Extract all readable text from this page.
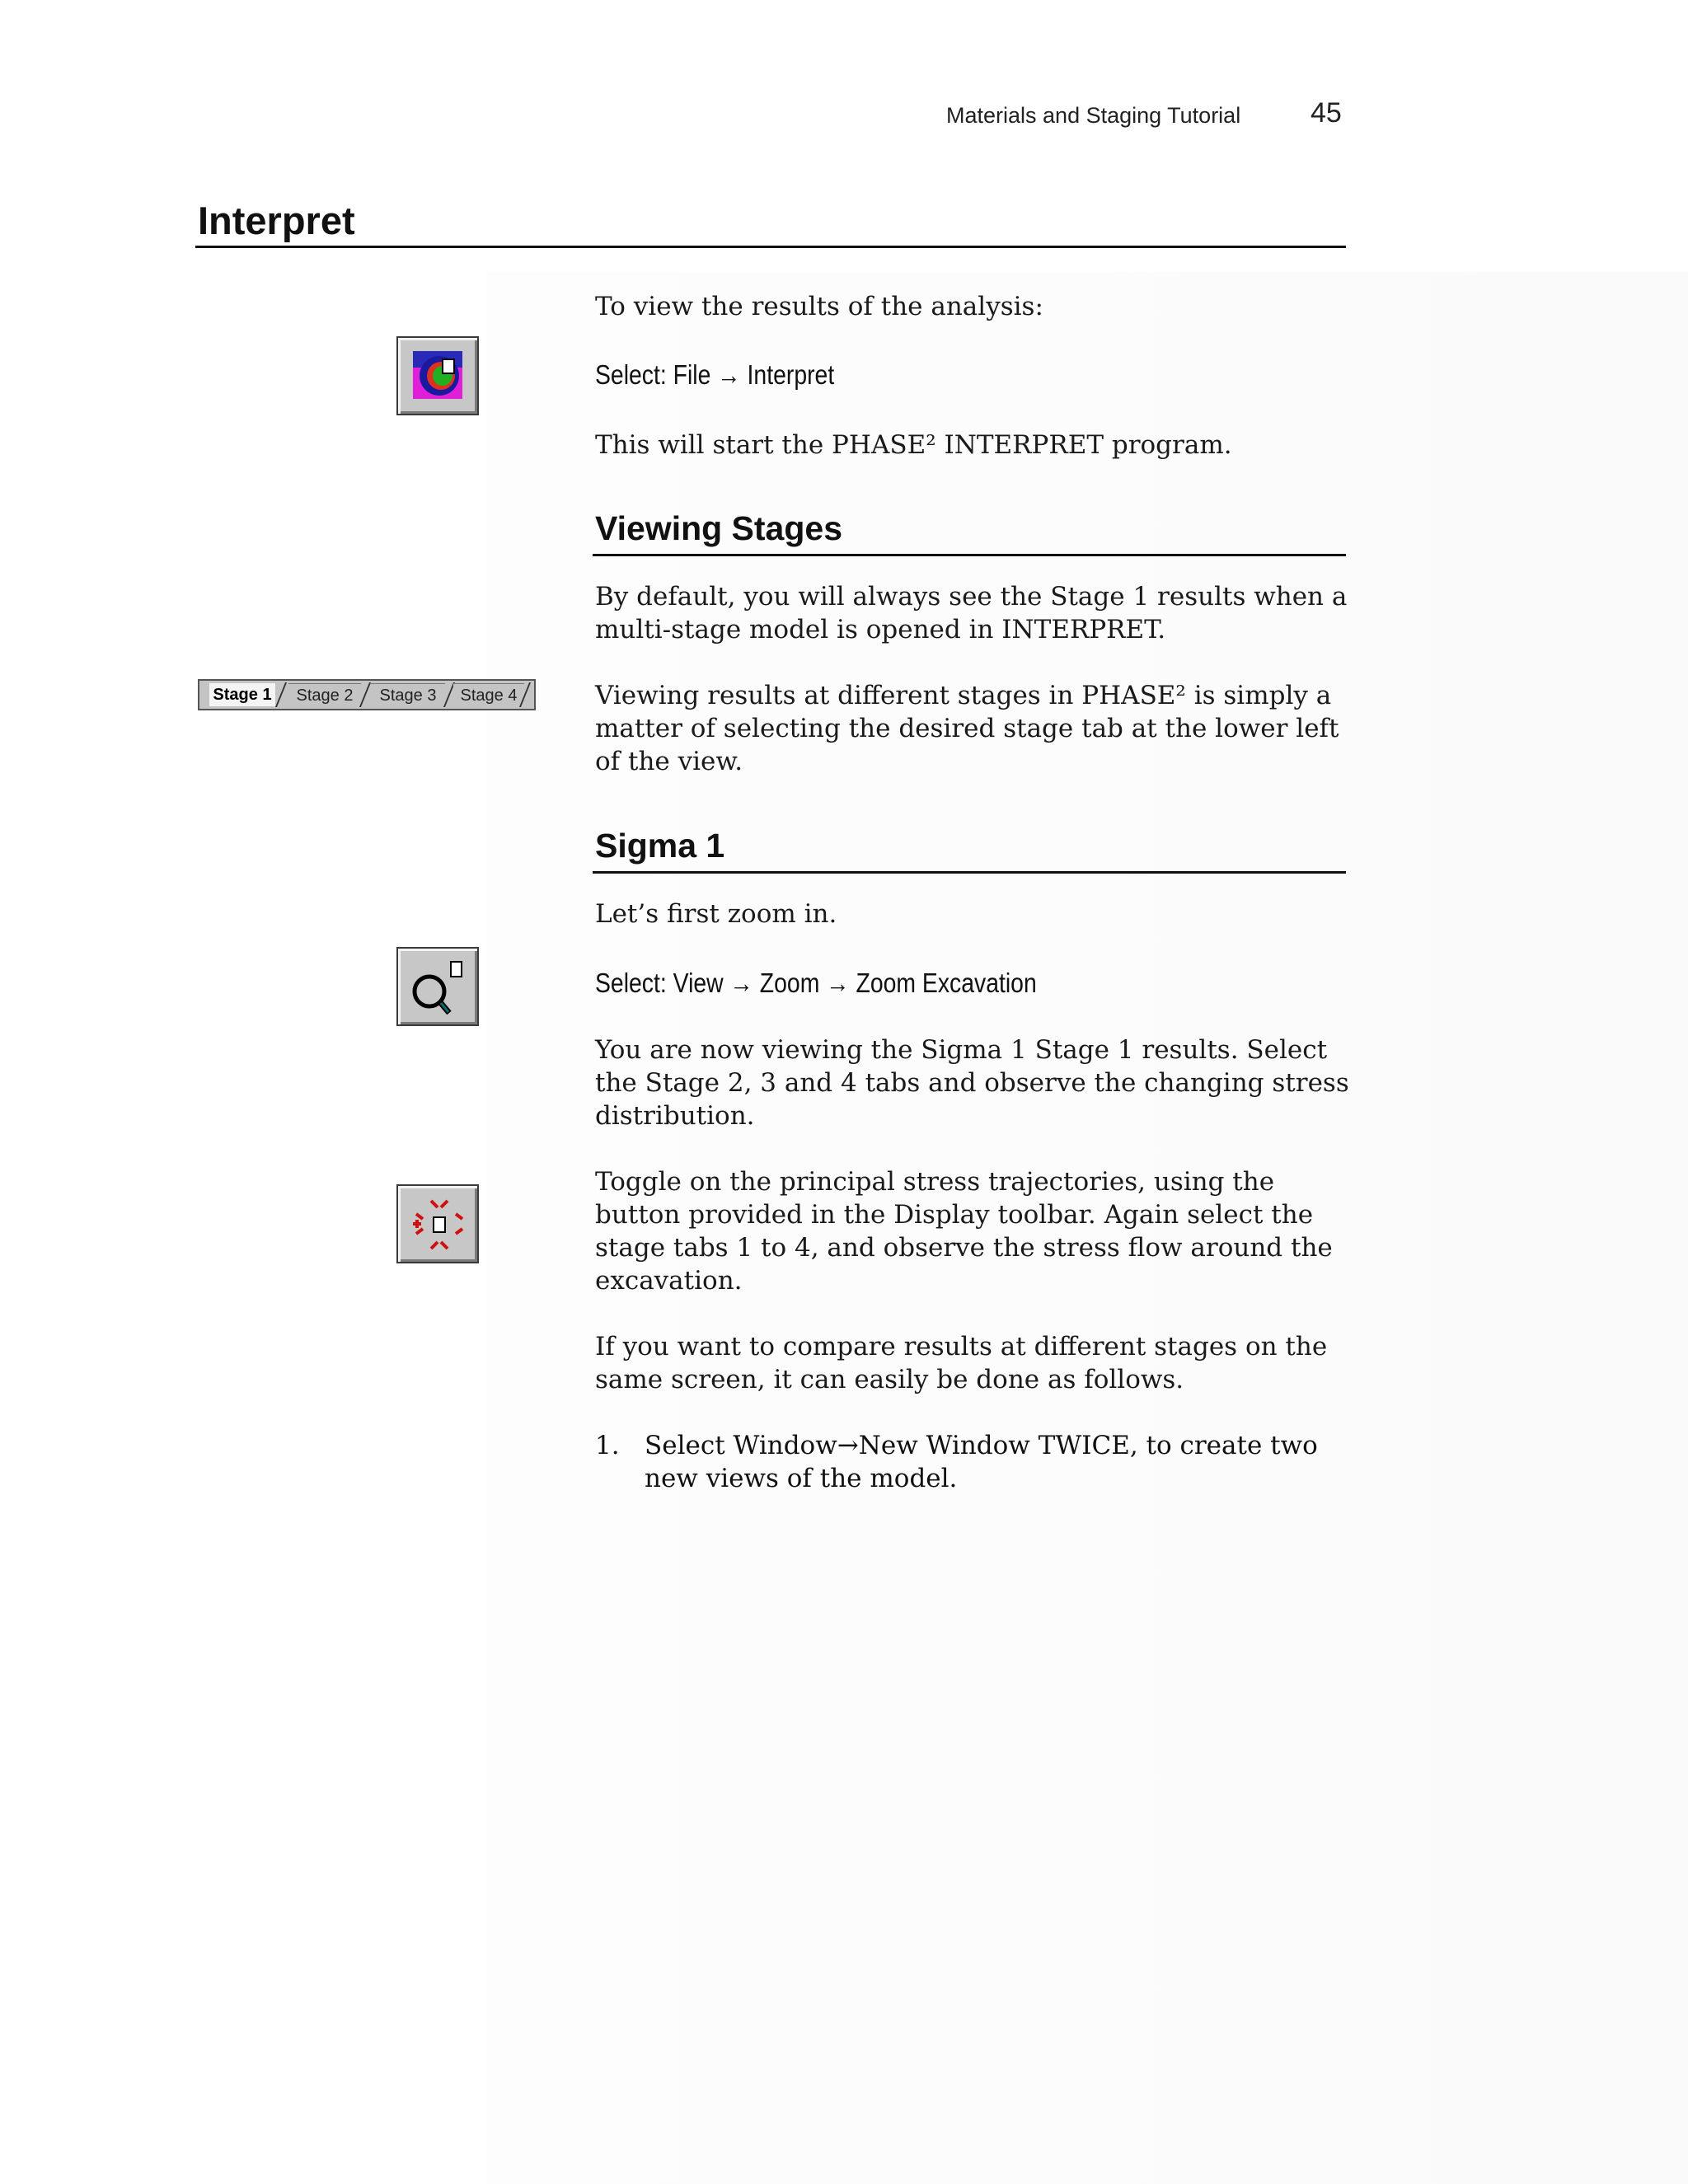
Materials and Staging Tutorial 45
Interpret
To view the results of the analysis:
Select: File → Interpret
This will start the PHASE² INTERPRET program.
Viewing Stages
By default, you will always see the Stage 1 results when a multi-stage model is opened in INTERPRET.
Stage 1	Stage 2	Stage 3	Stage 4	Viewing results at different stages in PHASE² is simply a matter of selecting the desired stage tab at the lower left of the view.
Sigma 1
Let’s first zoom in.
Select: View → Zoom → Zoom Excavation
You are now viewing the Sigma 1 Stage 1 results. Select the Stage 2, 3 and 4 tabs and observe the changing stress distribution.
Toggle on the principal stress trajectories, using the button provided in the Display toolbar. Again select the stage tabs 1 to 4, and observe the stress flow around the excavation.
If you want to compare results at different stages on the same screen, it can easily be done as follows.
1. Select Window→New Window TWICE, to create two new views of the model.
